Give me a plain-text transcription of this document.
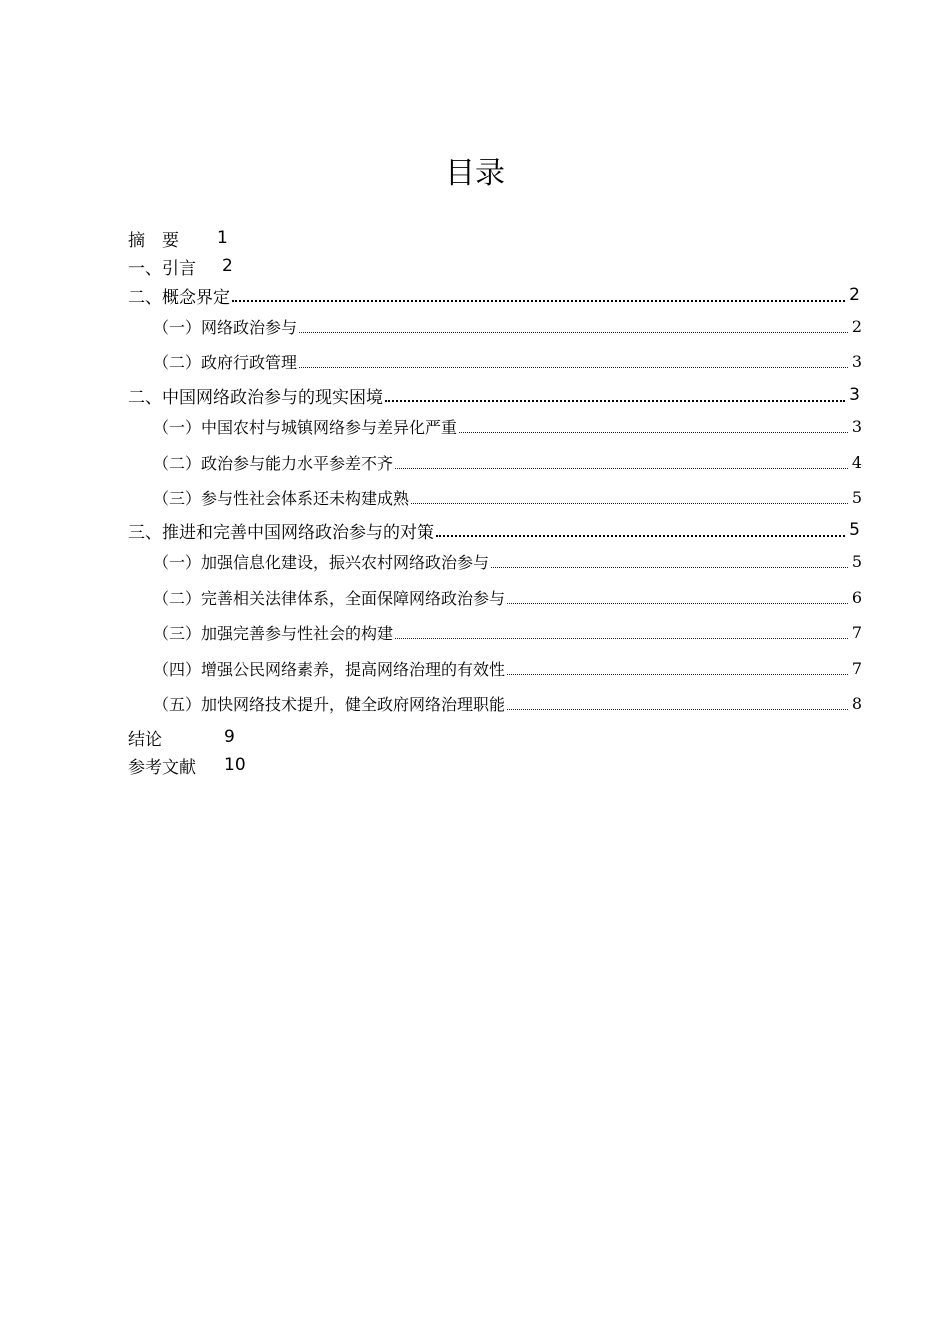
目录
摘　要 1
一、引言 2
二、概念界定	2
（一）网络政治参与	2
（二）政府行政管理	3
二、中国网络政治参与的现实困境	3
（一）中国农村与城镇网络参与差异化严重	3
（二）政治参与能力水平参差不齐	4
（三）参与性社会体系还未构建成熟	5
三、推进和完善中国网络政治参与的对策	5
（一）加强信息化建设，振兴农村网络政治参与	5
（二）完善相关法律体系，全面保障网络政治参与	6
（三）加强完善参与性社会的构建	7
（四）增强公民网络素养，提高网络治理的有效性	7
（五）加快网络技术提升，健全政府网络治理职能	8
结论	9
参考文献 10
